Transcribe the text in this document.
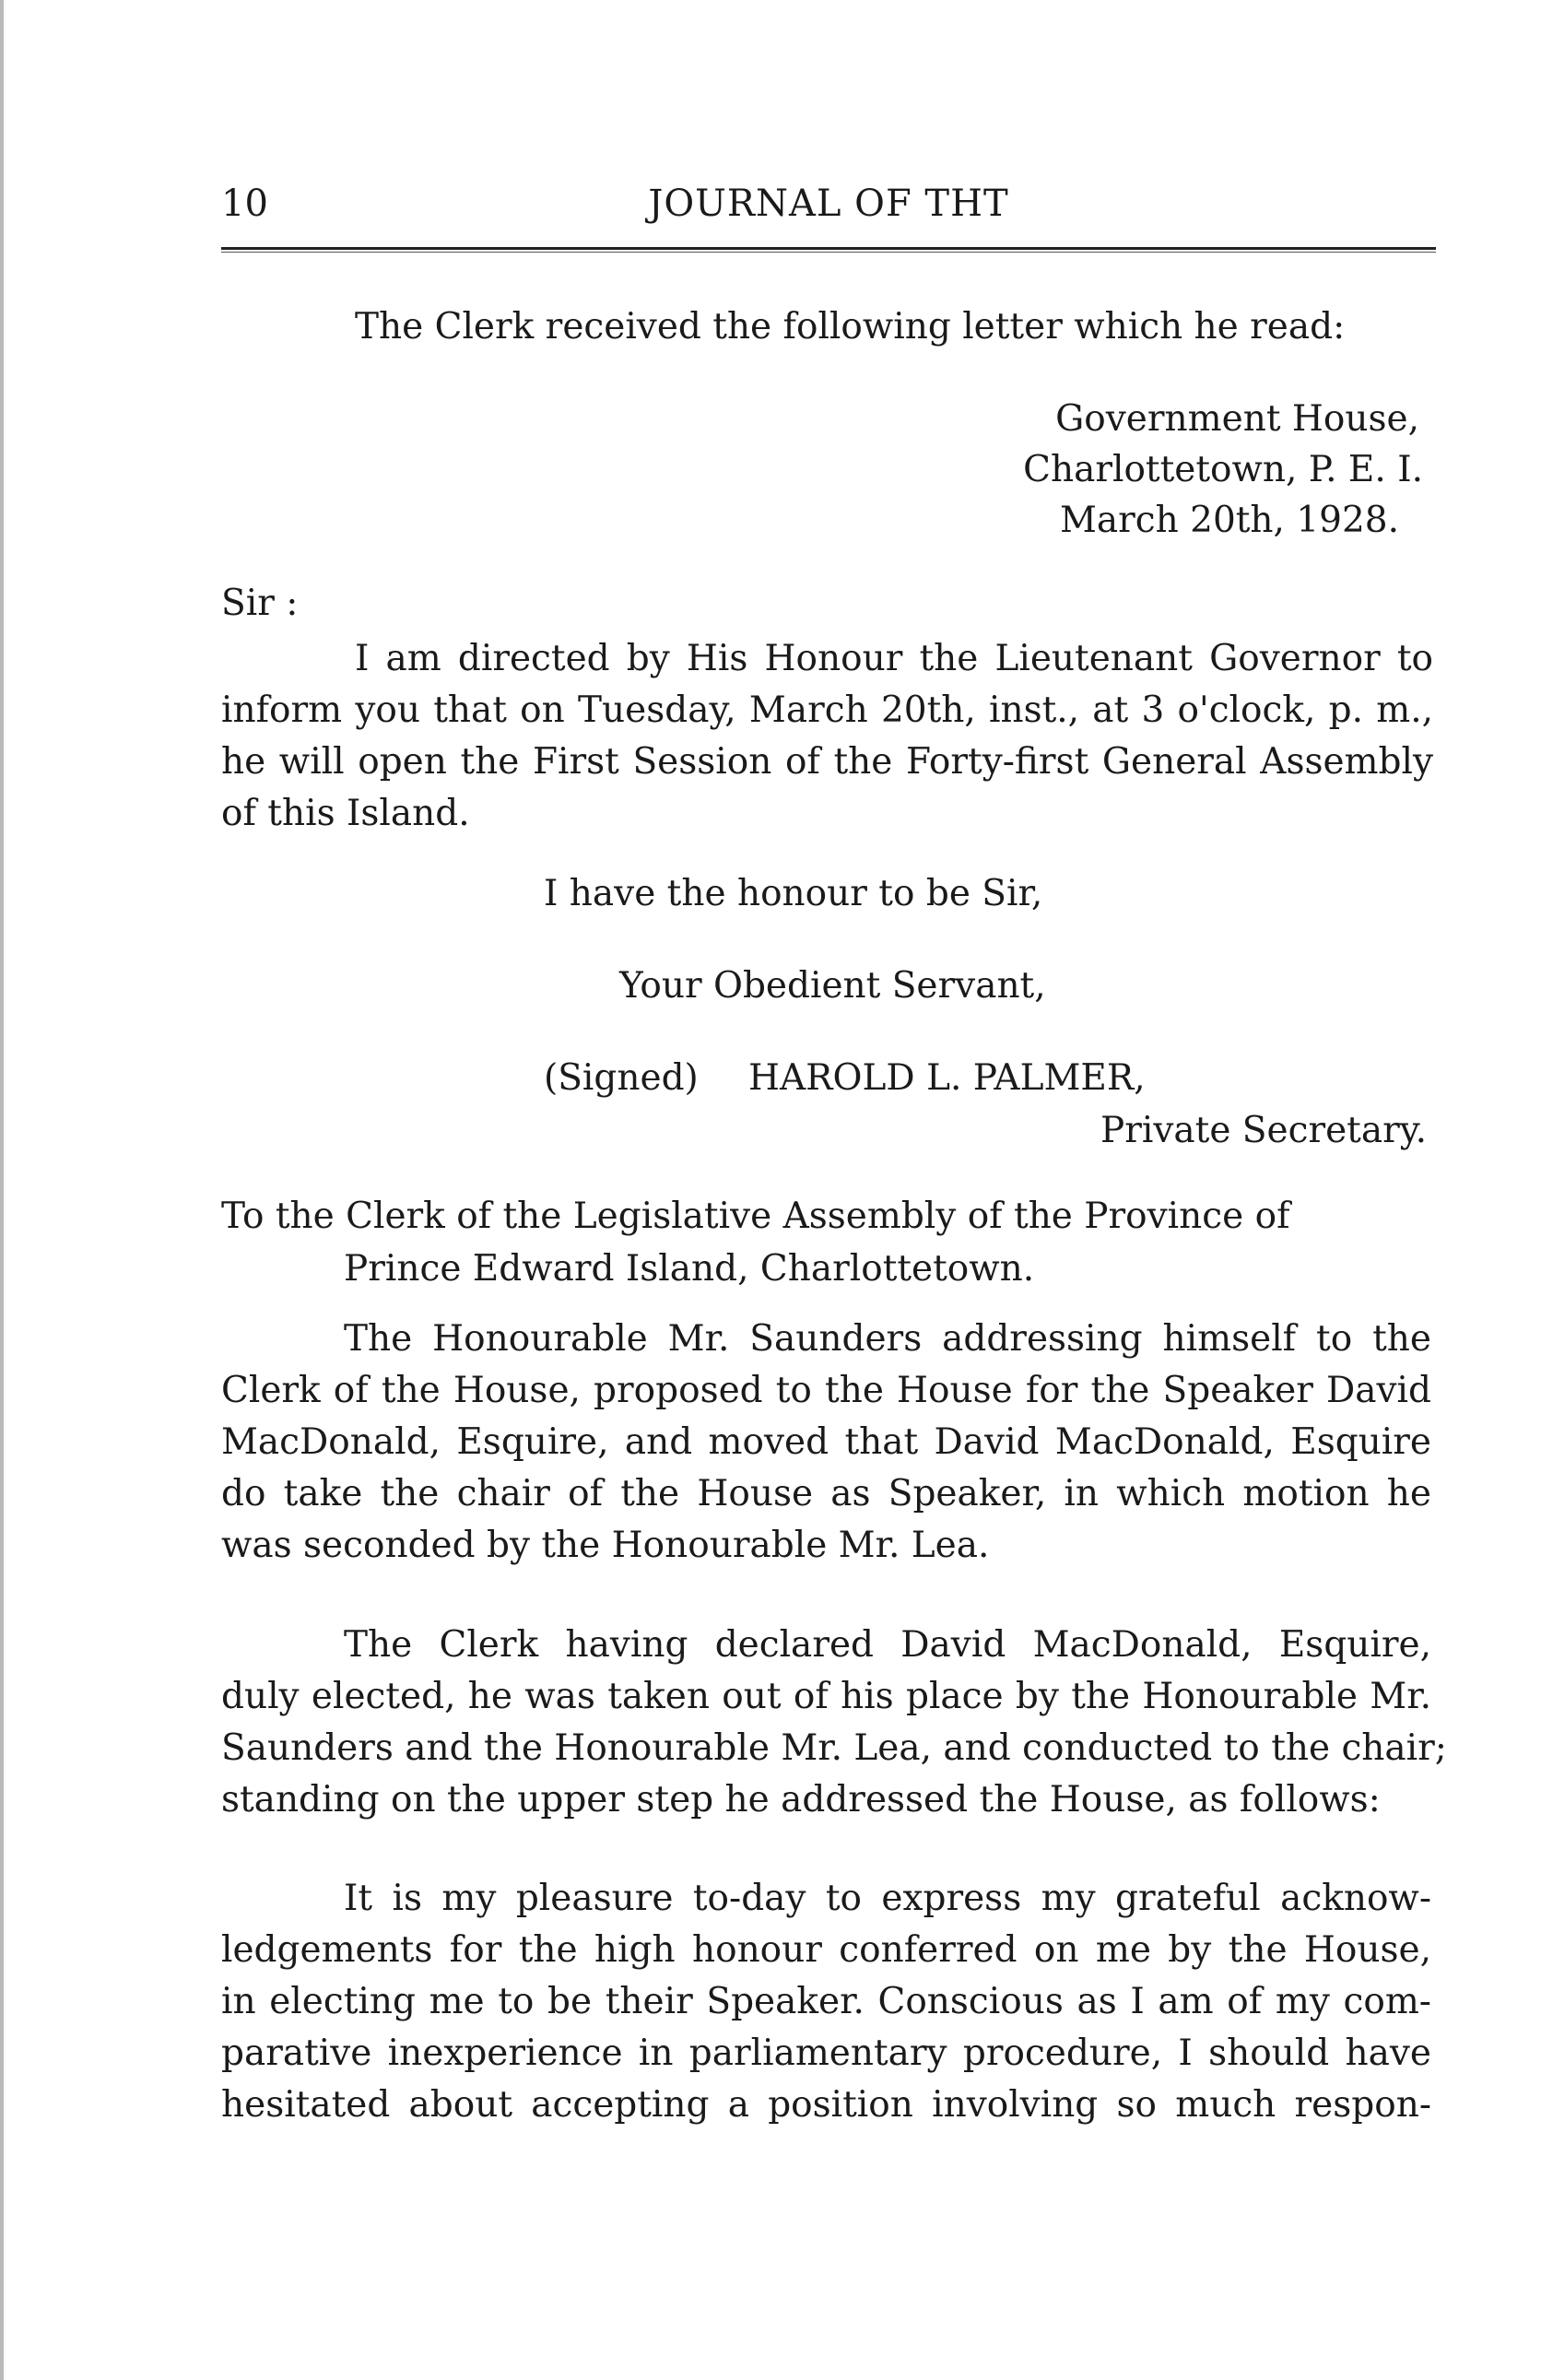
10	JOURNAL OF THT
The Clerk received the following letter which he read:
Government House,
Charlottetown, P. E. I.
March 20th, 1928.
Sir :
I am directed by His Honour the Lieutenant Governor to
inform you that on Tuesday, March 20th, inst., at 3 o'clock, p. m.,
he will open the First Session of the Forty-first General Assembly
of this Island.
I have the honour to be Sir,
Your Obedient Servant,
(Signed) HAROLD L. PALMER,
Private Secretary.
To the Clerk of the Legislative Assembly of the Province of
Prince Edward Island, Charlottetown.
The Honourable Mr. Saunders addressing himself to the
Clerk of the House, proposed to the House for the Speaker David
MacDonald, Esquire, and moved that David MacDonald, Esquire
do take the chair of the House as Speaker, in which motion he
was seconded by the Honourable Mr. Lea.
The Clerk having declared David MacDonald, Esquire,
duly elected, he was taken out of his place by the Honourable Mr.
Saunders and the Honourable Mr. Lea, and conducted to the chair;
standing on the upper step he addressed the House, as follows:
It is my pleasure to-day to express my grateful acknow-
ledgements for the high honour conferred on me by the House,
in electing me to be their Speaker. Conscious as I am of my com-
parative inexperience in parliamentary procedure, I should have
hesitated about accepting a position involving so much respon-
